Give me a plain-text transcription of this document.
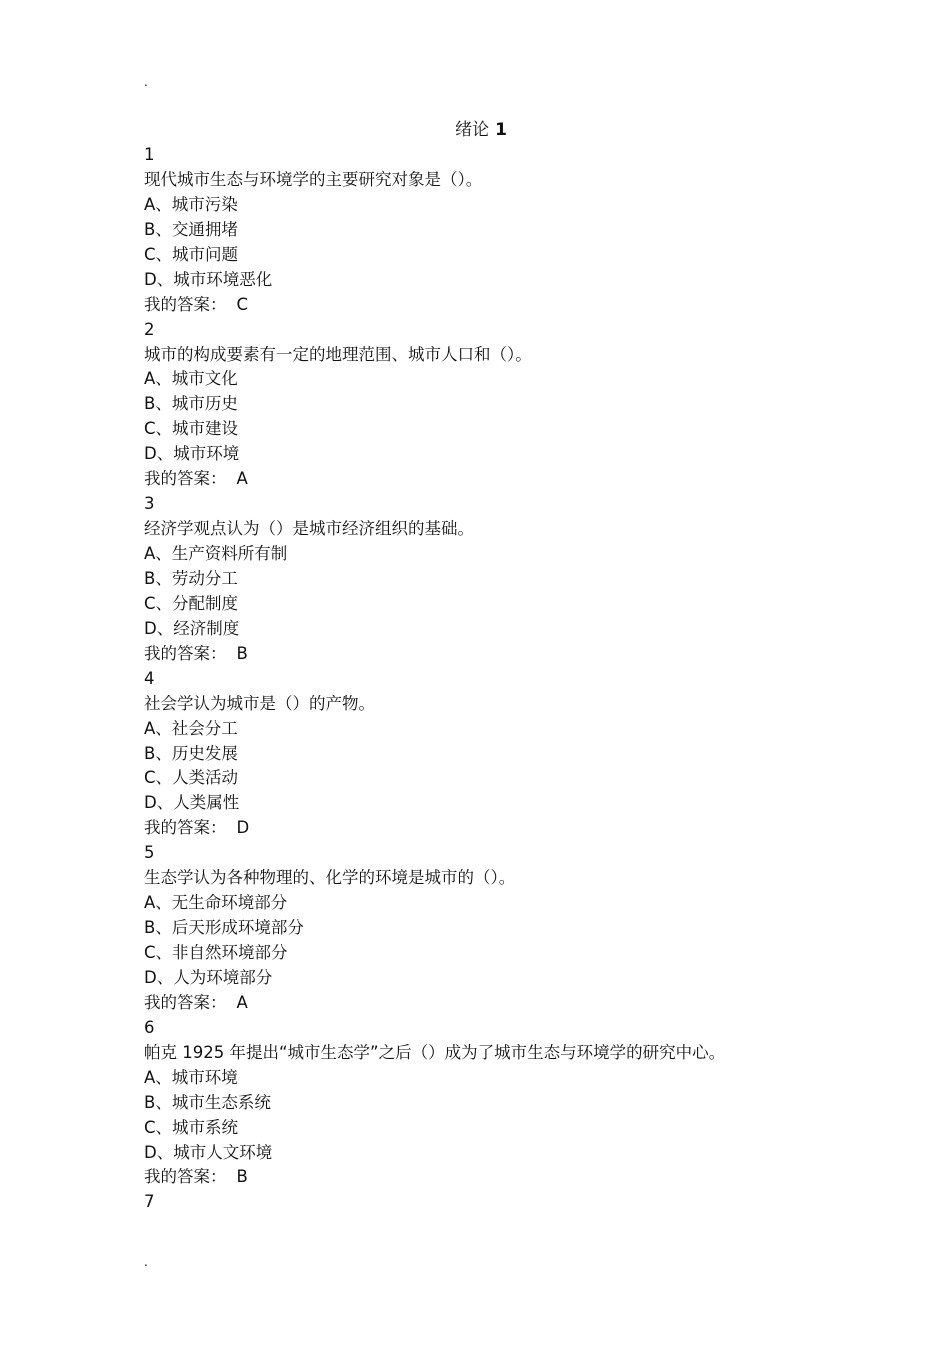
.
绪论 1
1
现代城市生态与环境学的主要研究对象是（）。
A、城市污染
B、交通拥堵
C、城市问题
D、城市环境恶化
我的答案： C
2
城市的构成要素有一定的地理范围、城市人口和（）。
A、城市文化
B、城市历史
C、城市建设
D、城市环境
我的答案： A
3
经济学观点认为（）是城市经济组织的基础。
A、生产资料所有制
B、劳动分工
C、分配制度
D、经济制度
我的答案： B
4
社会学认为城市是（）的产物。
A、社会分工
B、历史发展
C、人类活动
D、人类属性
我的答案： D
5
生态学认为各种物理的、化学的环境是城市的（）。
A、无生命环境部分
B、后天形成环境部分
C、非自然环境部分
D、人为环境部分
我的答案： A
6
帕克 1925 年提出“城市生态学”之后（）成为了城市生态与环境学的研究中心。
A、城市环境
B、城市生态系统
C、城市系统
D、城市人文环境
我的答案： B
7
.
